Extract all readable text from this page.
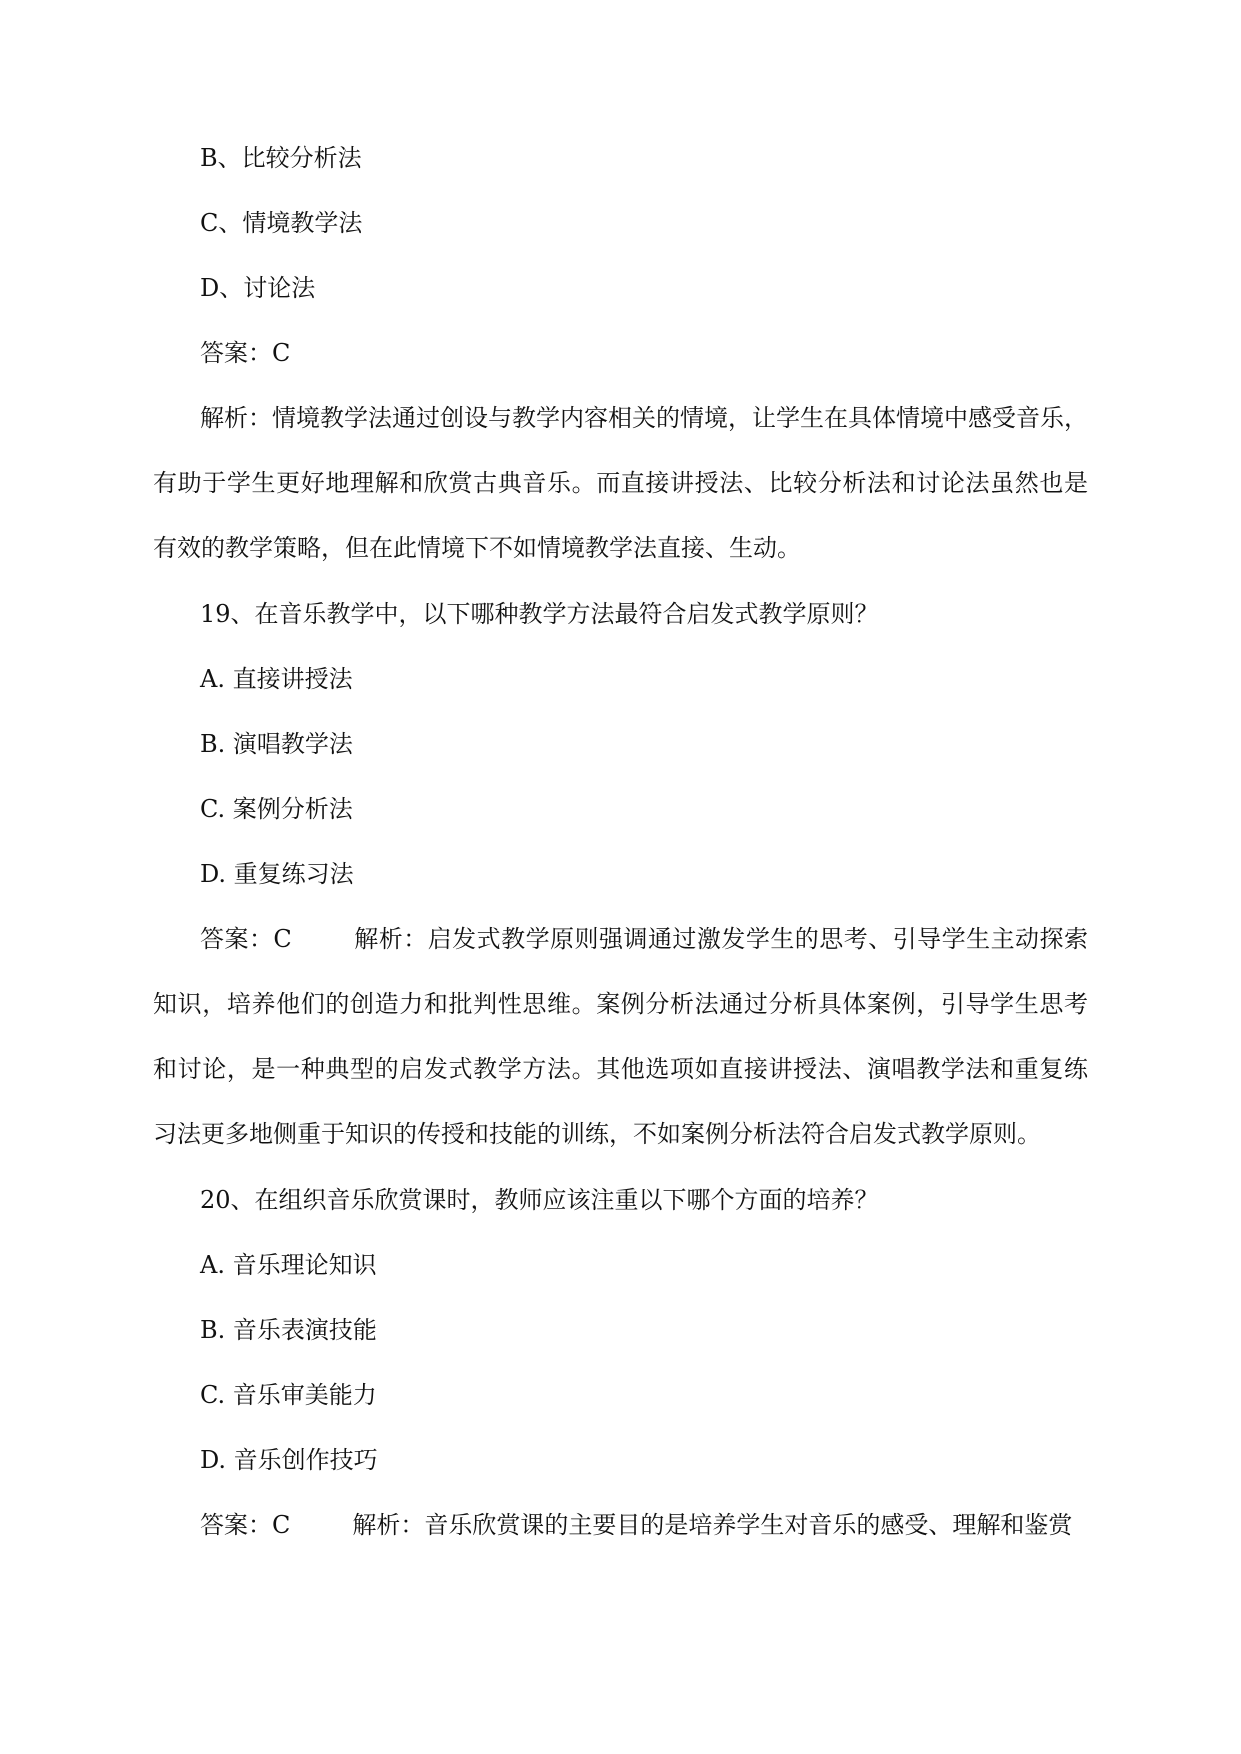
B、比较分析法

C、情境教学法

D、讨论法

答案：C

解析：情境教学法通过创设与教学内容相关的情境，让学生在具体情境中感受音乐，有助于学生更好地理解和欣赏古典音乐。而直接讲授法、比较分析法和讨论法虽然也是有效的教学策略，但在此情境下不如情境教学法直接、生动。

19、在音乐教学中，以下哪种教学方法最符合启发式教学原则？

A. 直接讲授法

B. 演唱教学法

C. 案例分析法

D. 重复练习法

答案：C	解析：启发式教学原则强调通过激发学生的思考、引导学生主动探索知识，培养他们的创造力和批判性思维。案例分析法通过分析具体案例，引导学生思考和讨论，是一种典型的启发式教学方法。其他选项如直接讲授法、演唱教学法和重复练习法更多地侧重于知识的传授和技能的训练，不如案例分析法符合启发式教学原则。

20、在组织音乐欣赏课时，教师应该注重以下哪个方面的培养？

A. 音乐理论知识

B. 音乐表演技能

C. 音乐审美能力

D. 音乐创作技巧

答案：C	解析：音乐欣赏课的主要目的是培养学生对音乐的感受、理解和鉴赏
